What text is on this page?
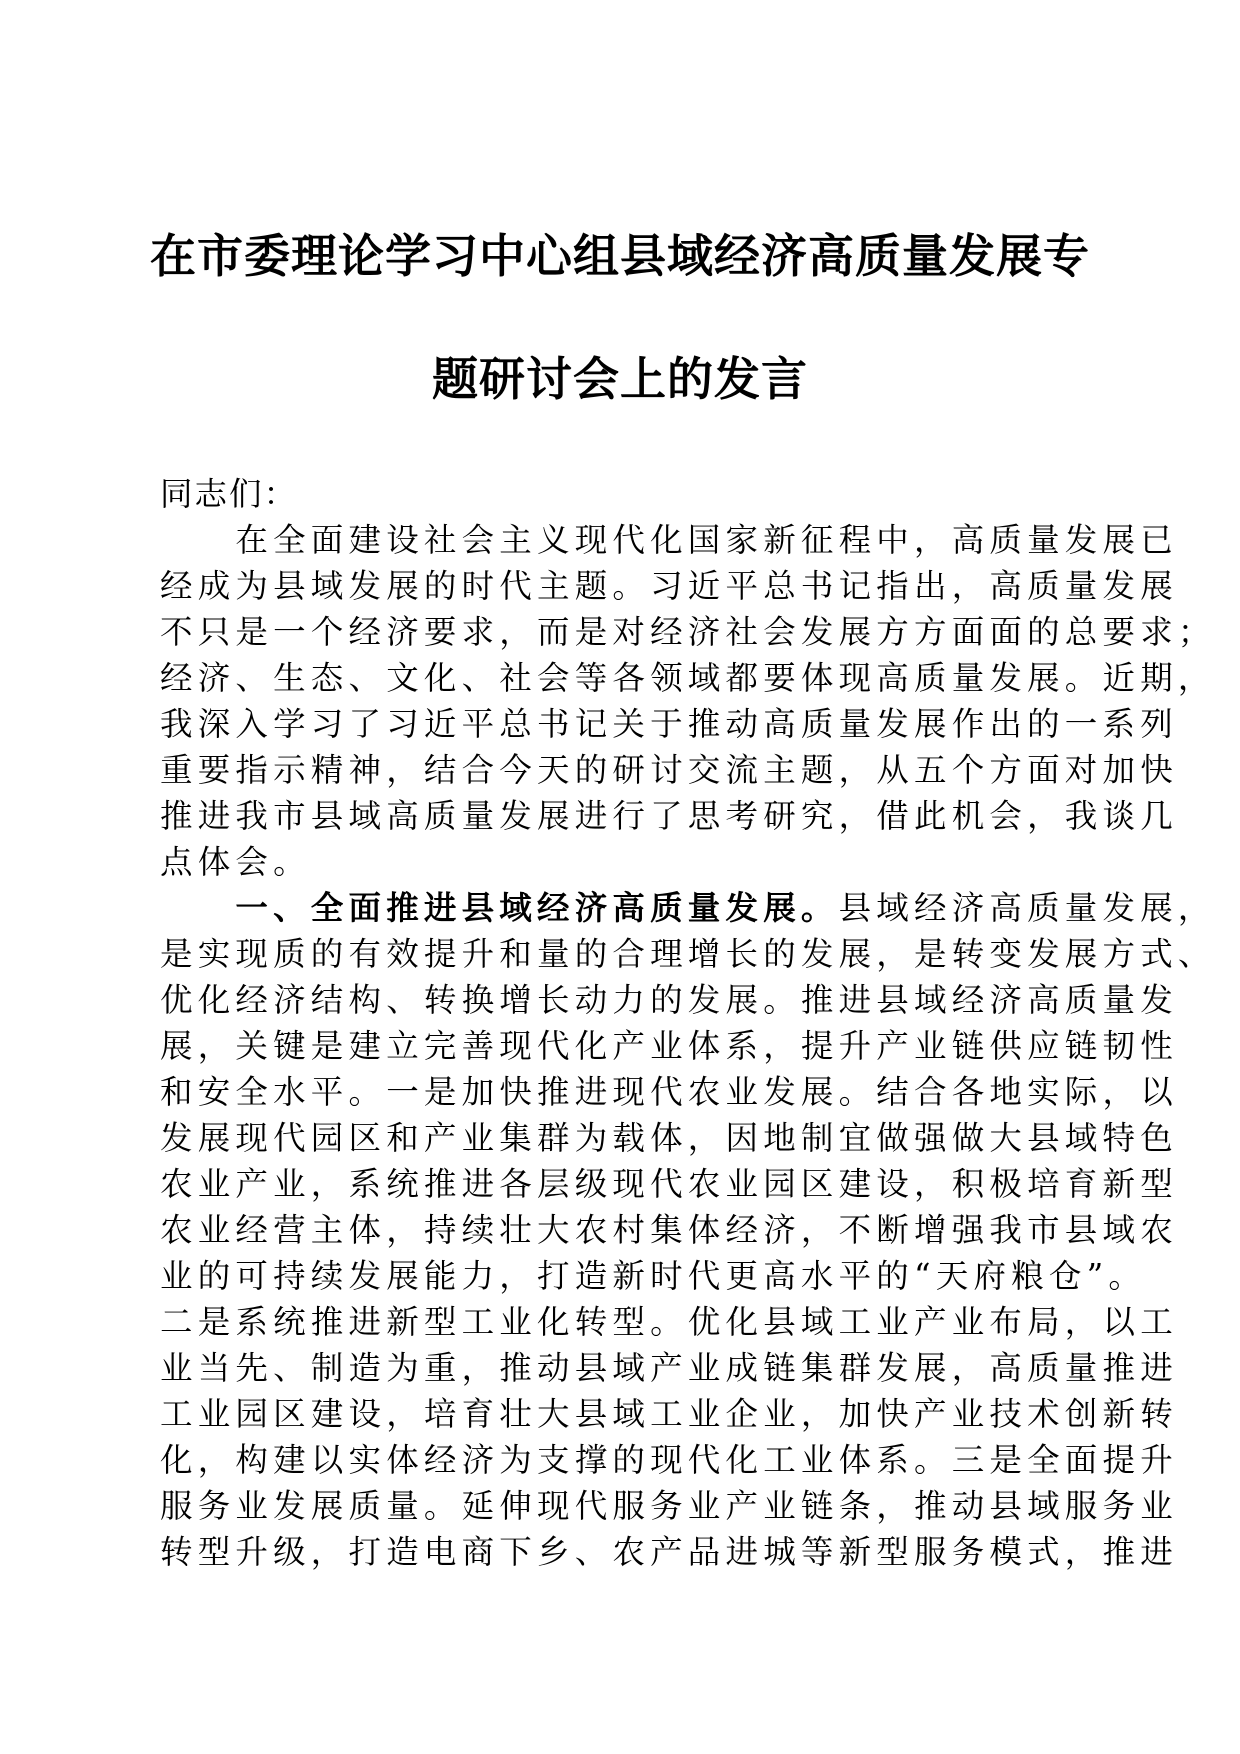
在市委理论学习中心组县域经济高质量发展专
题研讨会上的发言
同志们：
　　在全面建设社会主义现代化国家新征程中，高质量发展已
经成为县域发展的时代主题。习近平总书记指出，高质量发展
不只是一个经济要求，而是对经济社会发展方方面面的总要求；
经济、生态、文化、社会等各领域都要体现高质量发展。近期，
我深入学习了习近平总书记关于推动高质量发展作出的一系列
重要指示精神，结合今天的研讨交流主题，从五个方面对加快
推进我市县域高质量发展进行了思考研究，借此机会，我谈几
点体会。
　　一、全面推进县域经济高质量发展。县域经济高质量发展，
是实现质的有效提升和量的合理增长的发展，是转变发展方式、
优化经济结构、转换增长动力的发展。推进县域经济高质量发
展，关键是建立完善现代化产业体系，提升产业链供应链韧性
和安全水平。一是加快推进现代农业发展。结合各地实际，以
发展现代园区和产业集群为载体，因地制宜做强做大县域特色
农业产业，系统推进各层级现代农业园区建设，积极培育新型
农业经营主体，持续壮大农村集体经济，不断增强我市县域农
业的可持续发展能力，打造新时代更高水平的“天府粮仓”。
二是系统推进新型工业化转型。优化县域工业产业布局，以工
业当先、制造为重，推动县域产业成链集群发展，高质量推进
工业园区建设，培育壮大县域工业企业，加快产业技术创新转
化，构建以实体经济为支撑的现代化工业体系。三是全面提升
服务业发展质量。延伸现代服务业产业链条，推动县域服务业
转型升级，打造电商下乡、农产品进城等新型服务模式，推进
